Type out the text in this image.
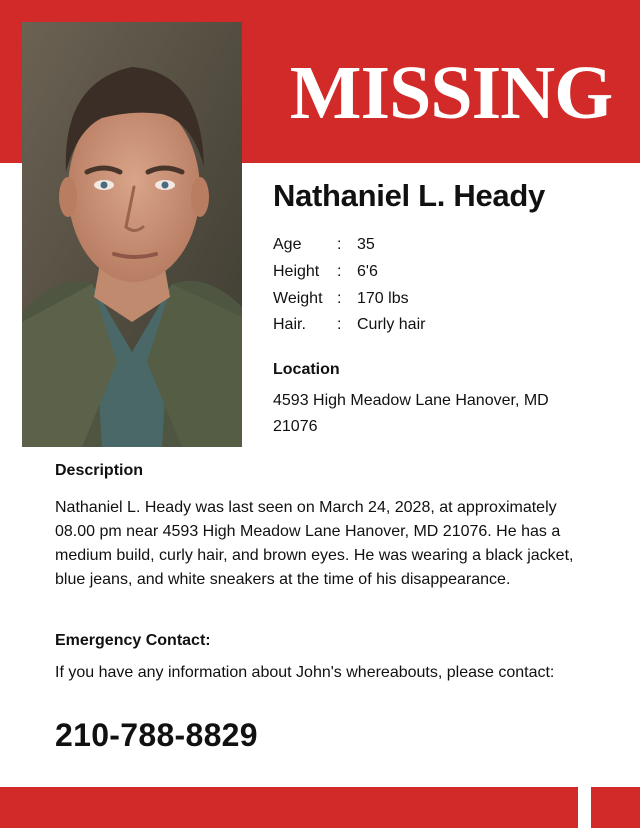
MISSING
Nathaniel L. Heady
Age	: 35
Height	: 6'6
Weight : 170 lbs
Hair.	: Curly hair
Location
4593 High Meadow Lane Hanover, MD 21076
Description
Nathaniel L. Heady was last seen on March 24, 2028, at approximately 08.00 pm near 4593 High Meadow Lane Hanover, MD 21076. He has a medium build, curly hair, and brown eyes. He was wearing a black jacket, blue jeans, and white sneakers at the time of his disappearance.
Emergency Contact:
If you have any information about John's whereabouts, please contact:
210-788-8829
